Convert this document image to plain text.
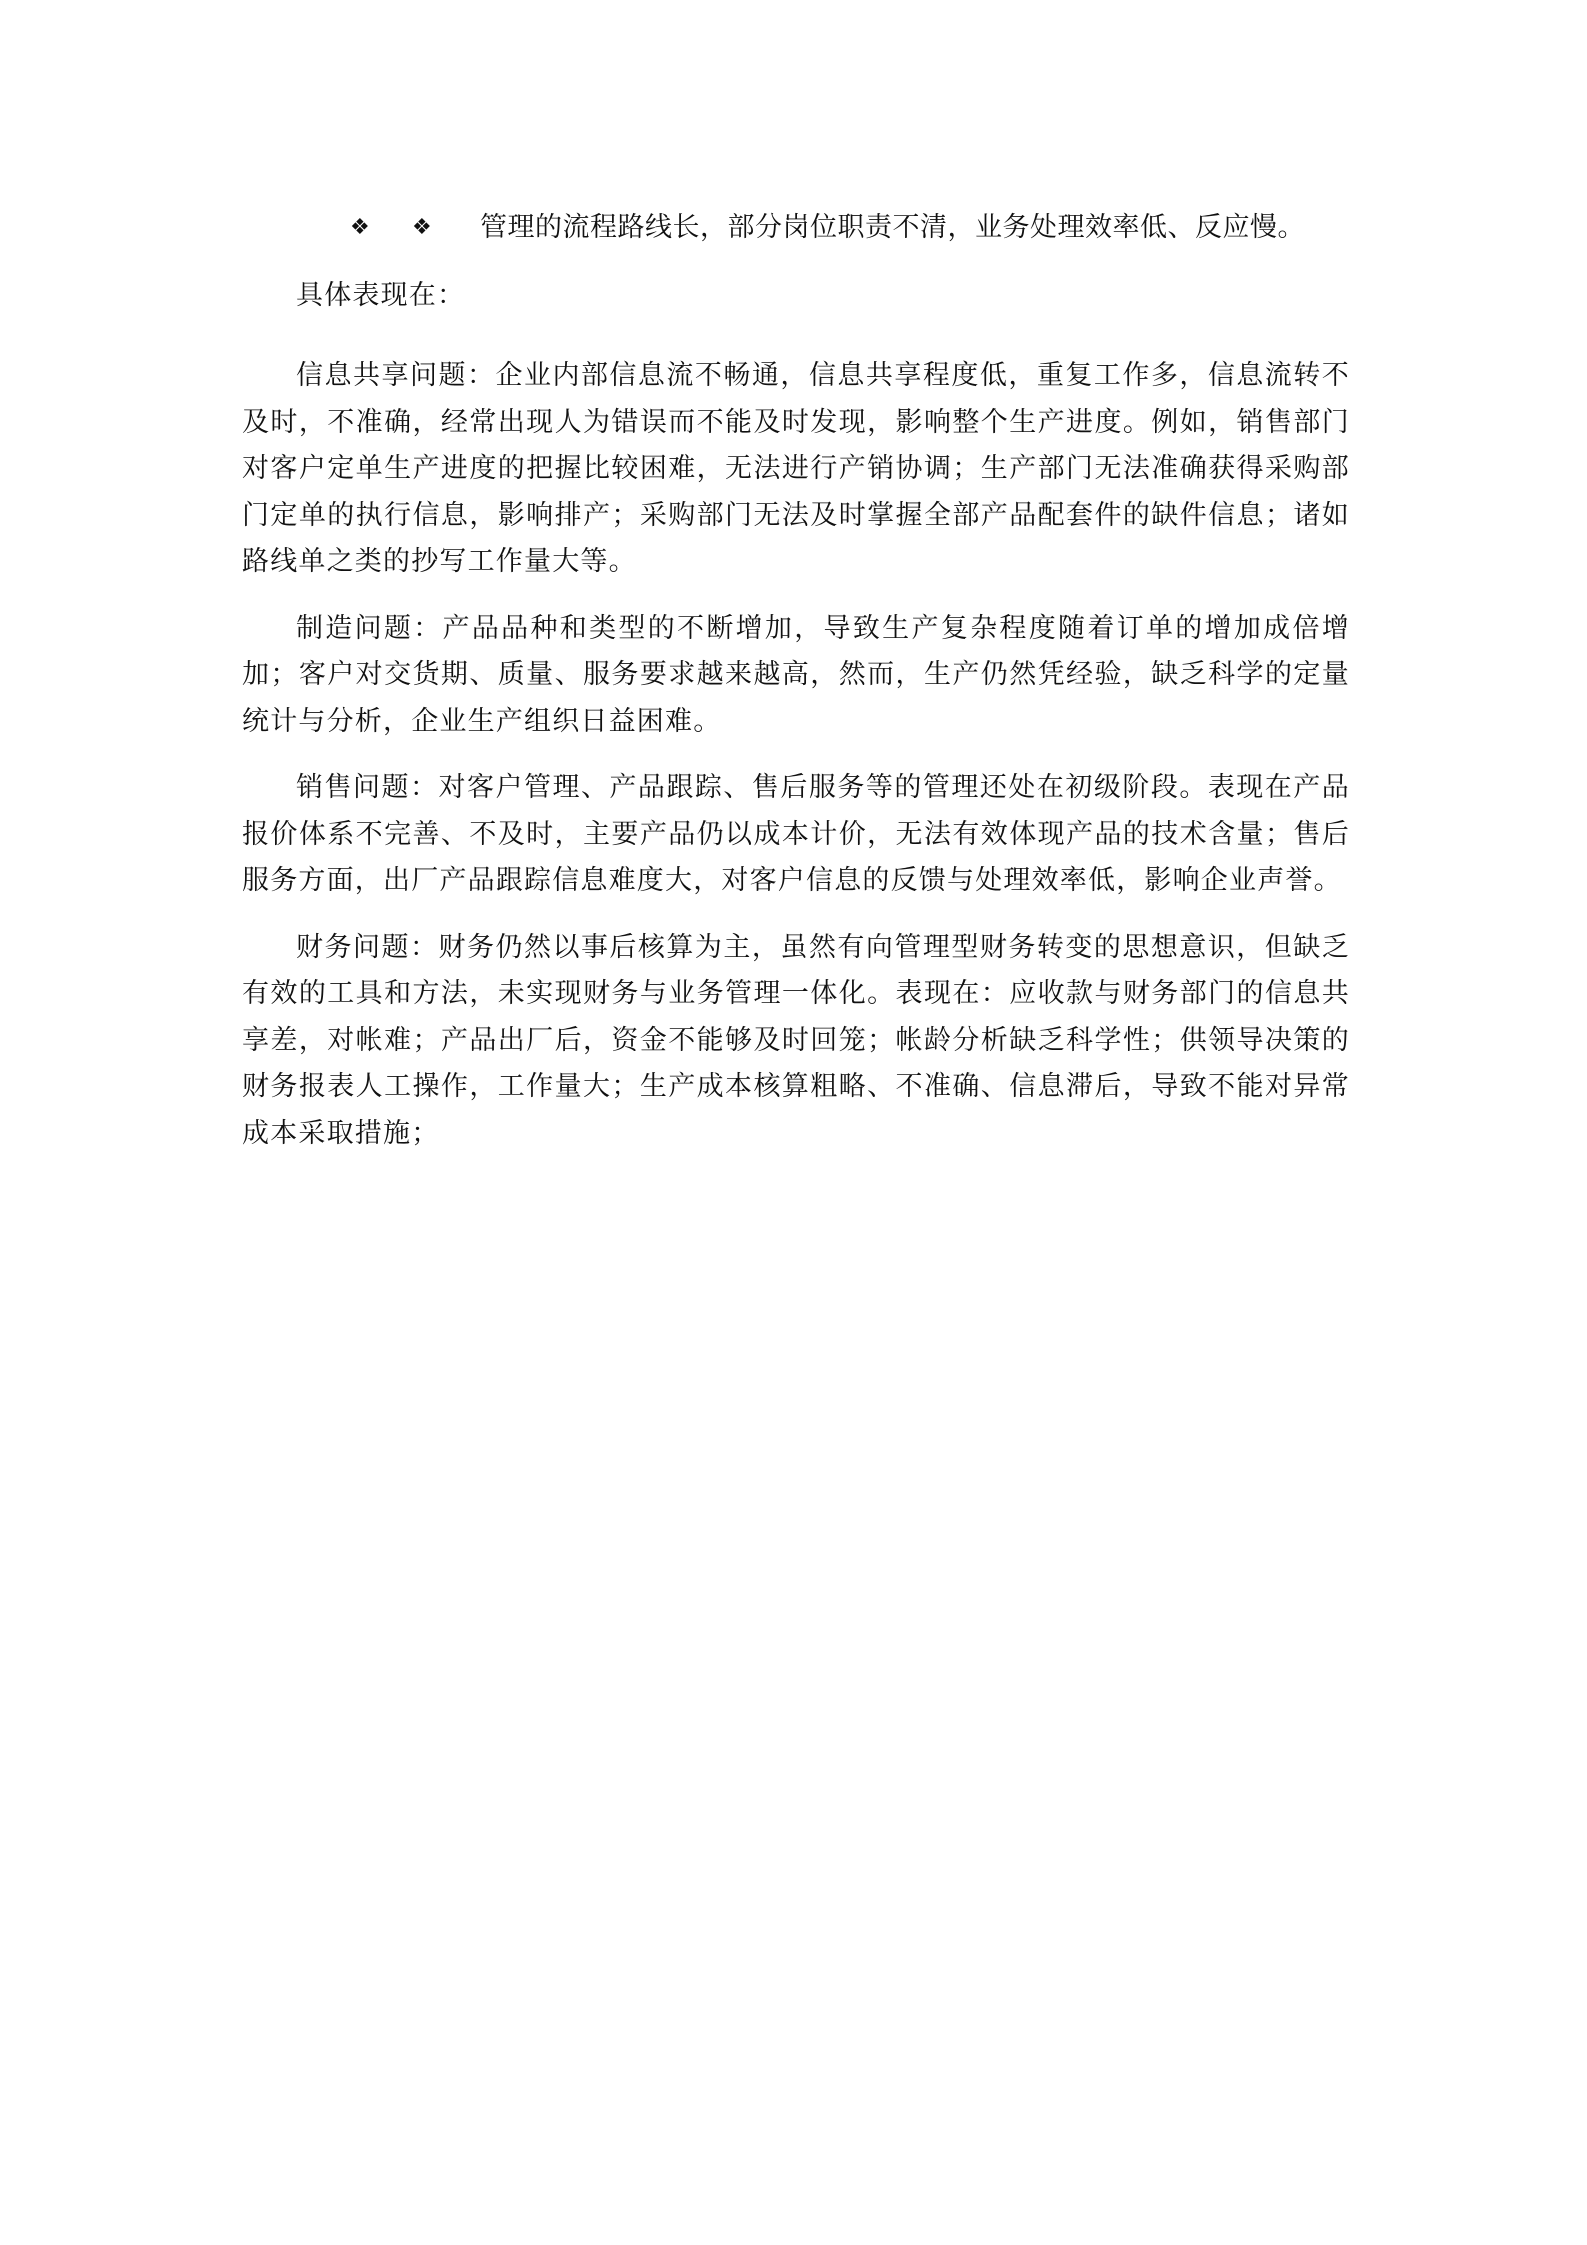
❖ ❖ 管理的流程路线长，部分岗位职责不清，业务处理效率低、反应慢。

具体表现在：

信息共享问题：企业内部信息流不畅通，信息共享程度低，重复工作多，信息流转不及时，不准确，经常出现人为错误而不能及时发现，影响整个生产进度。例如，销售部门对客户定单生产进度的把握比较困难，无法进行产销协调；生产部门无法准确获得采购部门定单的执行信息，影响排产；采购部门无法及时掌握全部产品配套件的缺件信息；诸如路线单之类的抄写工作量大等。

制造问题：产品品种和类型的不断增加，导致生产复杂程度随着订单的增加成倍增加；客户对交货期、质量、服务要求越来越高，然而，生产仍然凭经验，缺乏科学的定量统计与分析，企业生产组织日益困难。

销售问题：对客户管理、产品跟踪、售后服务等的管理还处在初级阶段。表现在产品报价体系不完善、不及时，主要产品仍以成本计价，无法有效体现产品的技术含量；售后服务方面，出厂产品跟踪信息难度大，对客户信息的反馈与处理效率低，影响企业声誉。

财务问题：财务仍然以事后核算为主，虽然有向管理型财务转变的思想意识，但缺乏有效的工具和方法，未实现财务与业务管理一体化。表现在：应收款与财务部门的信息共享差，对帐难；产品出厂后，资金不能够及时回笼；帐龄分析缺乏科学性；供领导决策的财务报表人工操作，工作量大；生产成本核算粗略、不准确、信息滞后，导致不能对异常成本采取措施；
